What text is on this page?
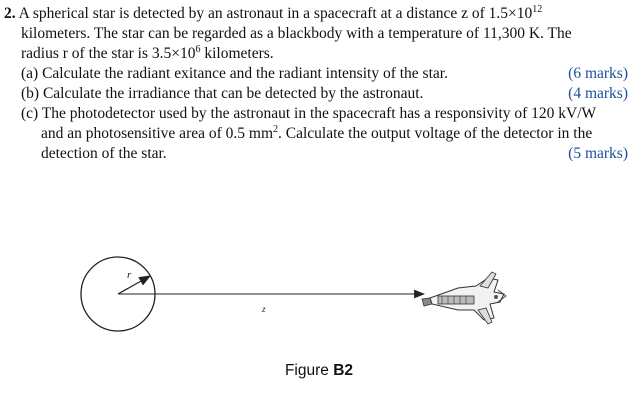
2. A spherical star is detected by an astronaut in a spacecraft at a distance z of $1.5\times 10^{12}$
kilometers. The star can be regarded as a blackbody with a temperature of 11,300 K. The
radius r of the star is $3.5\times 10^6$ kilometers.
(a) Calculate the radiant exitance and the radiant intensity of the star.	(6 marks)
(b) Calculate the irradiance that can be detected by the astronaut.	(4 marks)
(c) The photodetector used by the astronaut in the spacecraft has a responsivity of 120 kV/W
and an photosensitive area of 0.5 $mm^2$. Calculate the output voltage of the detector in the
detection of the star.	(5 marks)
r
z
Figure B2
